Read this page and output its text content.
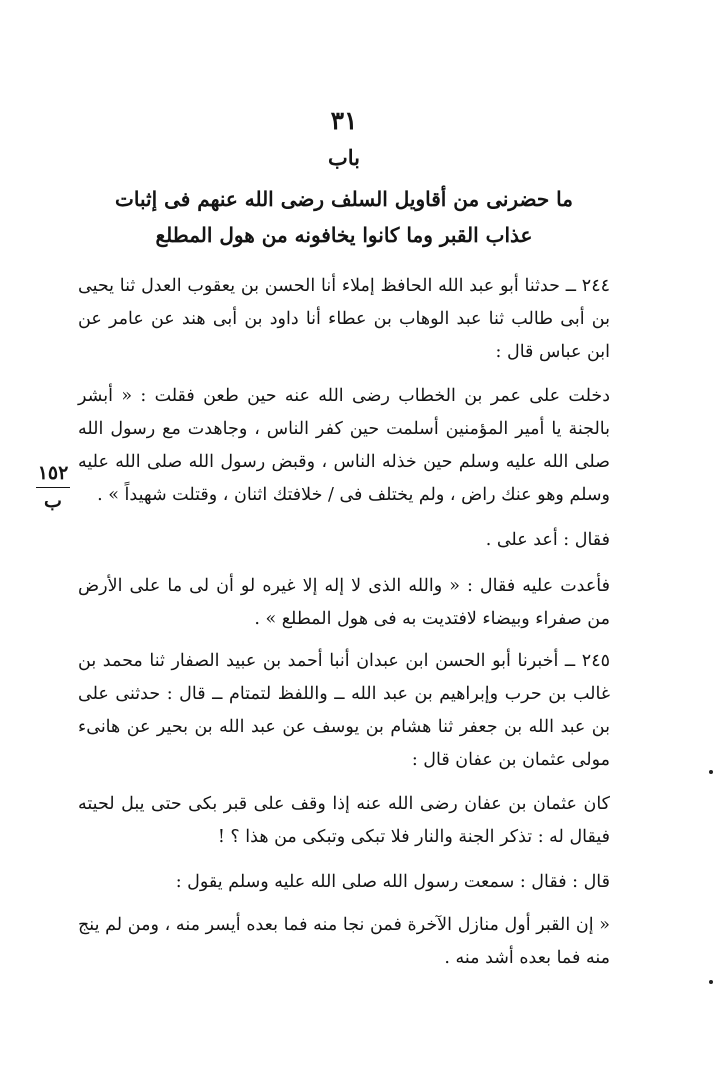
٣١
باب
ما حضرنى من أقاويل السلف رضى الله عنهم فى إثبات
عذاب القبر وما كانوا يخافونه من هول المطلع

٢٤٤ ــ حدثنا أبو عبد الله الحافظ إملاء أنا الحسن بن يعقوب العدل ثنا يحيى بن أبى طالب ثنا عبد الوهاب بن عطاء أنا داود بن أبى هند عن عامر عن ابن عباس قال :

دخلت على عمر بن الخطاب رضى الله عنه حين طعن فقلت : « أبشر بالجنة يا أمير المؤمنين أسلمت حين كفر الناس ، وجاهدت مع رسول الله صلى الله عليه وسلم حين خذله الناس ، وقبض رسول الله صلى الله عليه وسلم وهو عنك راض ، ولم يختلف فى / خلافتك اثنان ، وقتلت شهيداً » .

فقال : أعد على .

فأعدت عليه فقال : « والله الذى لا إله إلا غيره لو أن لى ما على الأرض من صفراء وبيضاء لافتديت به فى هول المطلع » .

٢٤٥ ــ أخبرنا أبو الحسن ابن عبدان أنبا أحمد بن عبيد الصفار ثنا محمد بن غالب بن حرب وإبراهيم بن عبد الله ــ واللفظ لتمتام ــ قال : حدثنى على بن عبد الله بن جعفر ثنا هشام بن يوسف عن عبد الله بن بحير عن هانىء مولى عثمان بن عفان قال :

كان عثمان بن عفان رضى الله عنه إذا وقف على قبر بكى حتى يبل لحيته فيقال له : تذكر الجنة والنار فلا تبكى وتبكى من هذا ؟ !

قال : فقال : سمعت رسول الله صلى الله عليه وسلم يقول :

« إن القبر أول منازل الآخرة فمن نجا منه فما بعده أيسر منه ، ومن لم ينج منه فما بعده أشد منه .

١٥٢
ب
